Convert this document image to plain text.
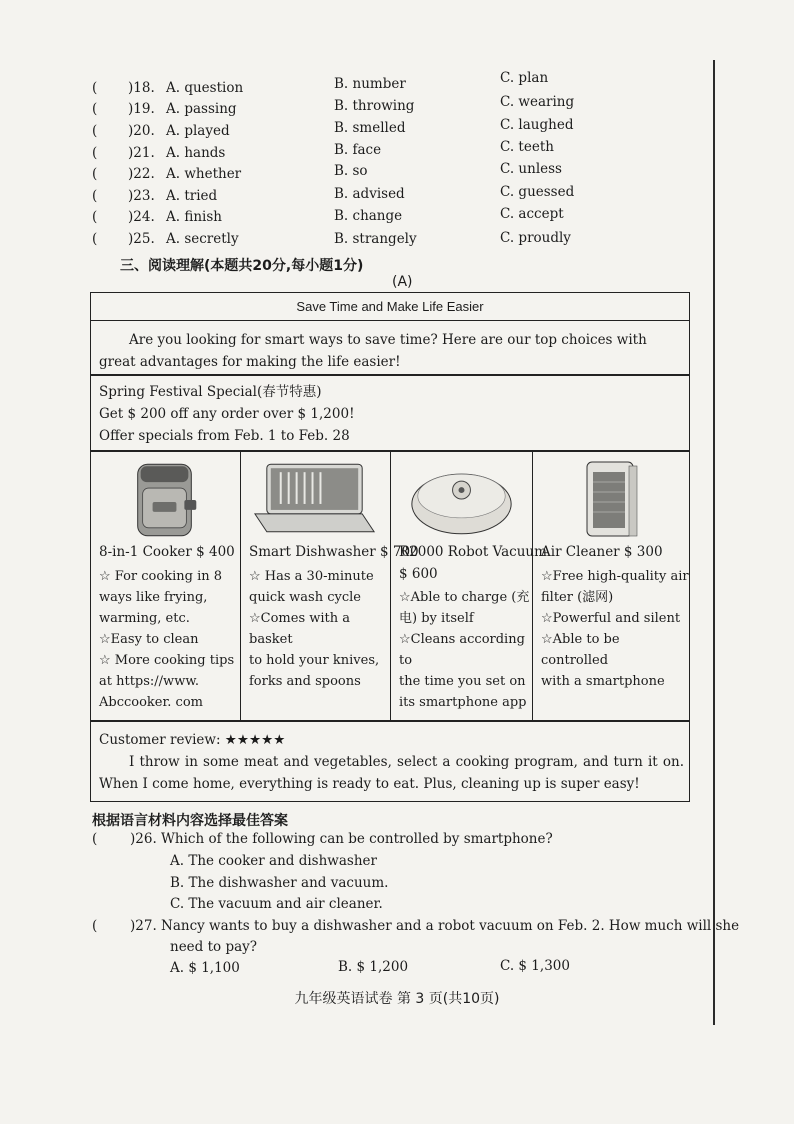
( )18. A. question	B. number	C. plan
( )19. A. passing	B. throwing	C. wearing
( )20. A. played	B. smelled	C. laughed
( )21. A. hands	B. face	C. teeth
( )22. A. whether	B. so	C. unless
( )23. A. tried	B. advised	C. guessed
( )24. A. finish	B. change	C. accept
( )25. A. secretly	B. strangely	C. proudly
三、阅读理解(本题共20分,每小题1分)
(A)
Save Time and Make Life Easier
Are you looking for smart ways to save time? Here are our top choices with great advantages for making the life easier!
Spring Festival Special(春节特惠)
Get $ 200 off any order over $ 1,200!
Offer specials from Feb. 1 to Feb. 28
8-in-1 Cooker $ 400
☆ For cooking in 8
ways like frying,
warming, etc.
☆Easy to clean
☆ More cooking tips
at https://www.
Abccooker. com
Smart Dishwasher $ 700
☆ Has a 30-minute
quick wash cycle
☆Comes with a basket
to hold your knives,
forks and spoons
R2000 Robot Vacuum
$ 600
☆Able to charge (充
电) by itself
☆Cleans according to
the time you set on
its smartphone app
Air Cleaner $ 300
☆Free high-quality air
filter (滤网)
☆Powerful and silent
☆Able to be controlled
with a smartphone
Customer review: ★★★★★
I throw in some meat and vegetables, select a cooking program, and turn it on. When I come home, everything is ready to eat. Plus, cleaning up is super easy!
根据语言材料内容选择最佳答案
( )26. Which of the following can be controlled by smartphone?
A. The cooker and dishwasher
B. The dishwasher and vacuum.
C. The vacuum and air cleaner.
( )27. Nancy wants to buy a dishwasher and a robot vacuum on Feb. 2. How much will she
need to pay?
A. $ 1,100	B. $ 1,200	C. $ 1,300
九年级英语试卷 第 3 页(共10页)
